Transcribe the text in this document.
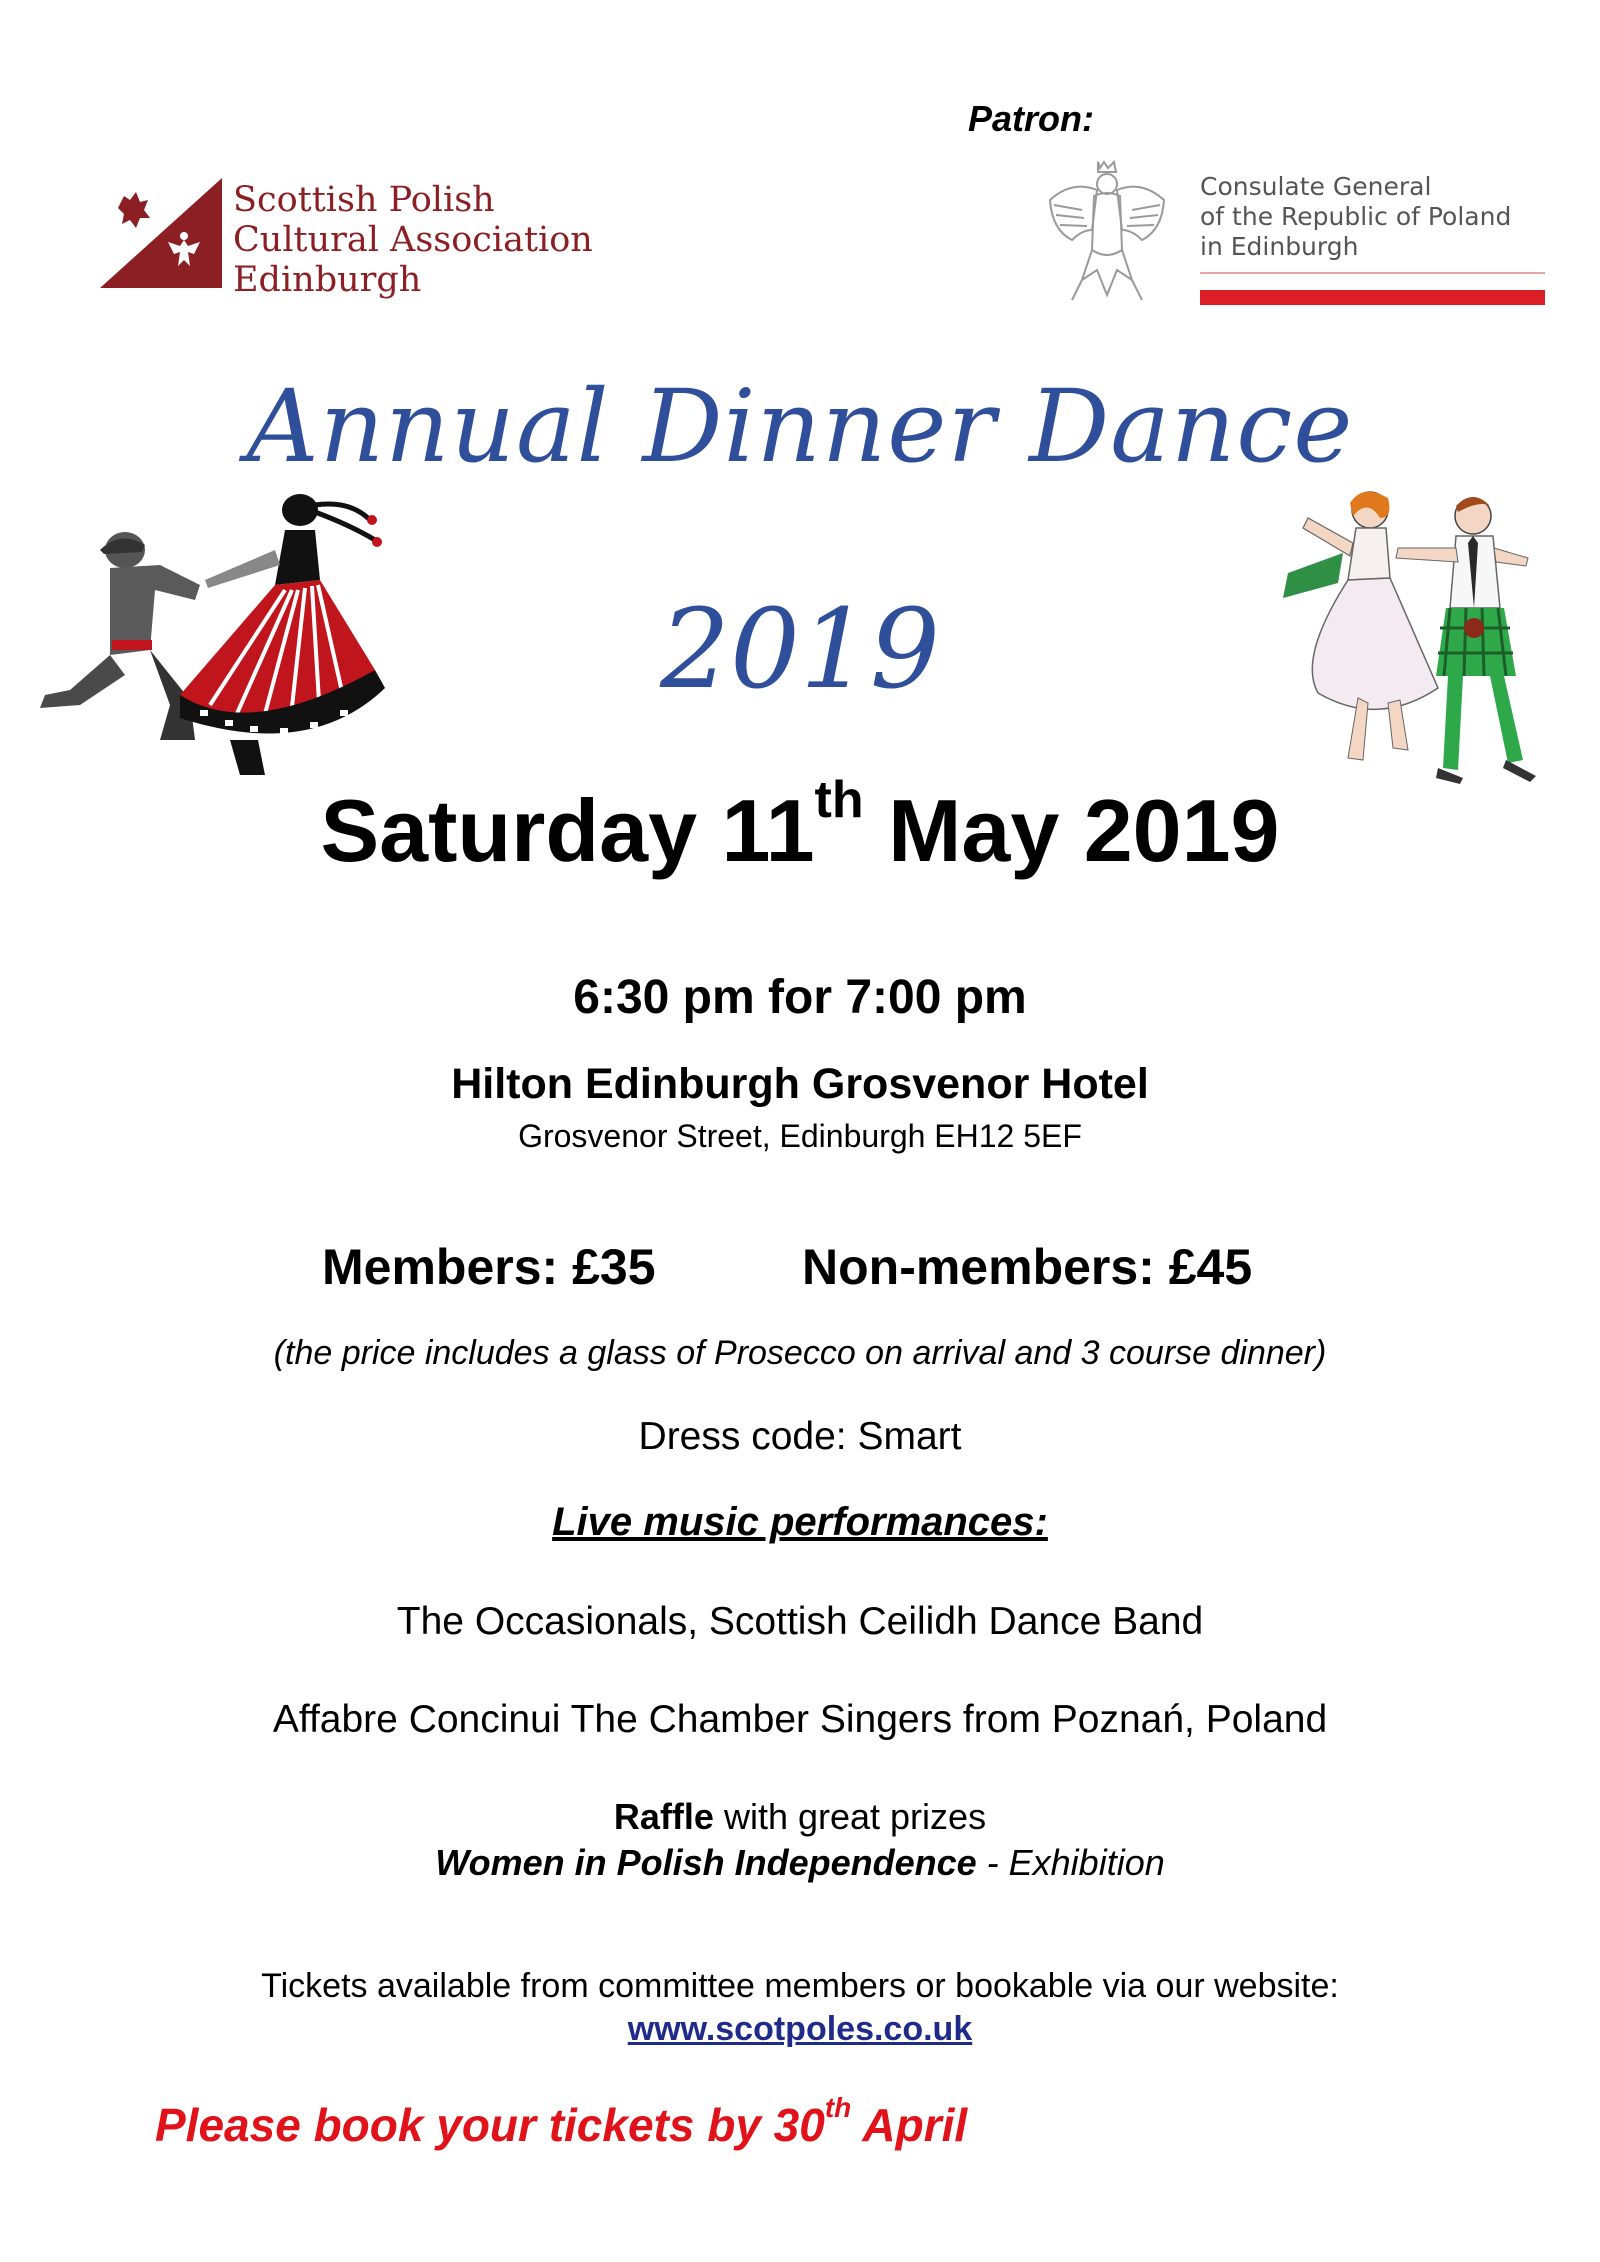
Patron:
Scottish Polish
Cultural Association
Edinburgh
Consulate General
of the Republic of Poland
in Edinburgh
Annual Dinner Dance
2019
Saturday 11th May 2019
6:30 pm for 7:00 pm
Hilton Edinburgh Grosvenor Hotel
Grosvenor Street, Edinburgh EH12 5EF
Members: £35	Non-members: £45
(the price includes a glass of Prosecco on arrival and 3 course dinner)
Dress code: Smart
Live music performances:
The Occasionals, Scottish Ceilidh Dance Band
Affabre Concinui The Chamber Singers from Poznań, Poland
Raffle with great prizes
Women in Polish Independence - Exhibition
Tickets available from committee members or bookable via our website:
www.scotpoles.co.uk
Please book your tickets by 30th April
